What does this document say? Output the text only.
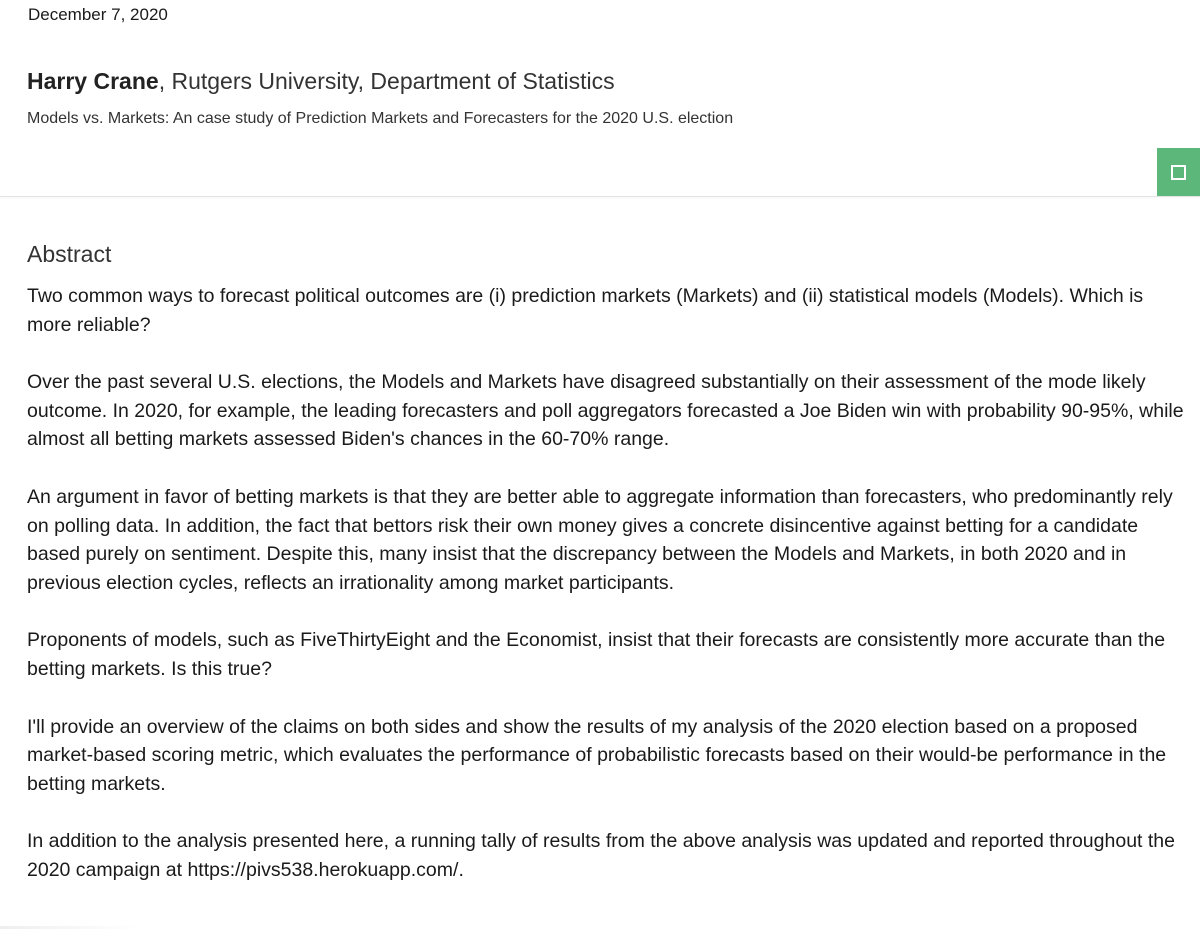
December 7, 2020
Harry Crane, Rutgers University, Department of Statistics
Models vs. Markets: An case study of Prediction Markets and Forecasters for the 2020 U.S. election
Abstract

Two common ways to forecast political outcomes are (i) prediction markets (Markets) and (ii) statistical models (Models). Which is more reliable?

Over the past several U.S. elections, the Models and Markets have disagreed substantially on their assessment of the mode likely outcome. In 2020, for example, the leading forecasters and poll aggregators forecasted a Joe Biden win with probability 90-95%, while almost all betting markets assessed Biden's chances in the 60-70% range.

An argument in favor of betting markets is that they are better able to aggregate information than forecasters, who predominantly rely on polling data. In addition, the fact that bettors risk their own money gives a concrete disincentive against betting for a candidate based purely on sentiment. Despite this, many insist that the discrepancy between the Models and Markets, in both 2020 and in previous election cycles, reflects an irrationality among market participants.

Proponents of models, such as FiveThirtyEight and the Economist, insist that their forecasts are consistently more accurate than the betting markets. Is this true?

I'll provide an overview of the claims on both sides and show the results of my analysis of the 2020 election based on a proposed market-based scoring metric, which evaluates the performance of probabilistic forecasts based on their would-be performance in the betting markets.

In addition to the analysis presented here, a running tally of results from the above analysis was updated and reported throughout the 2020 campaign at https://pivs538.herokuapp.com/.
